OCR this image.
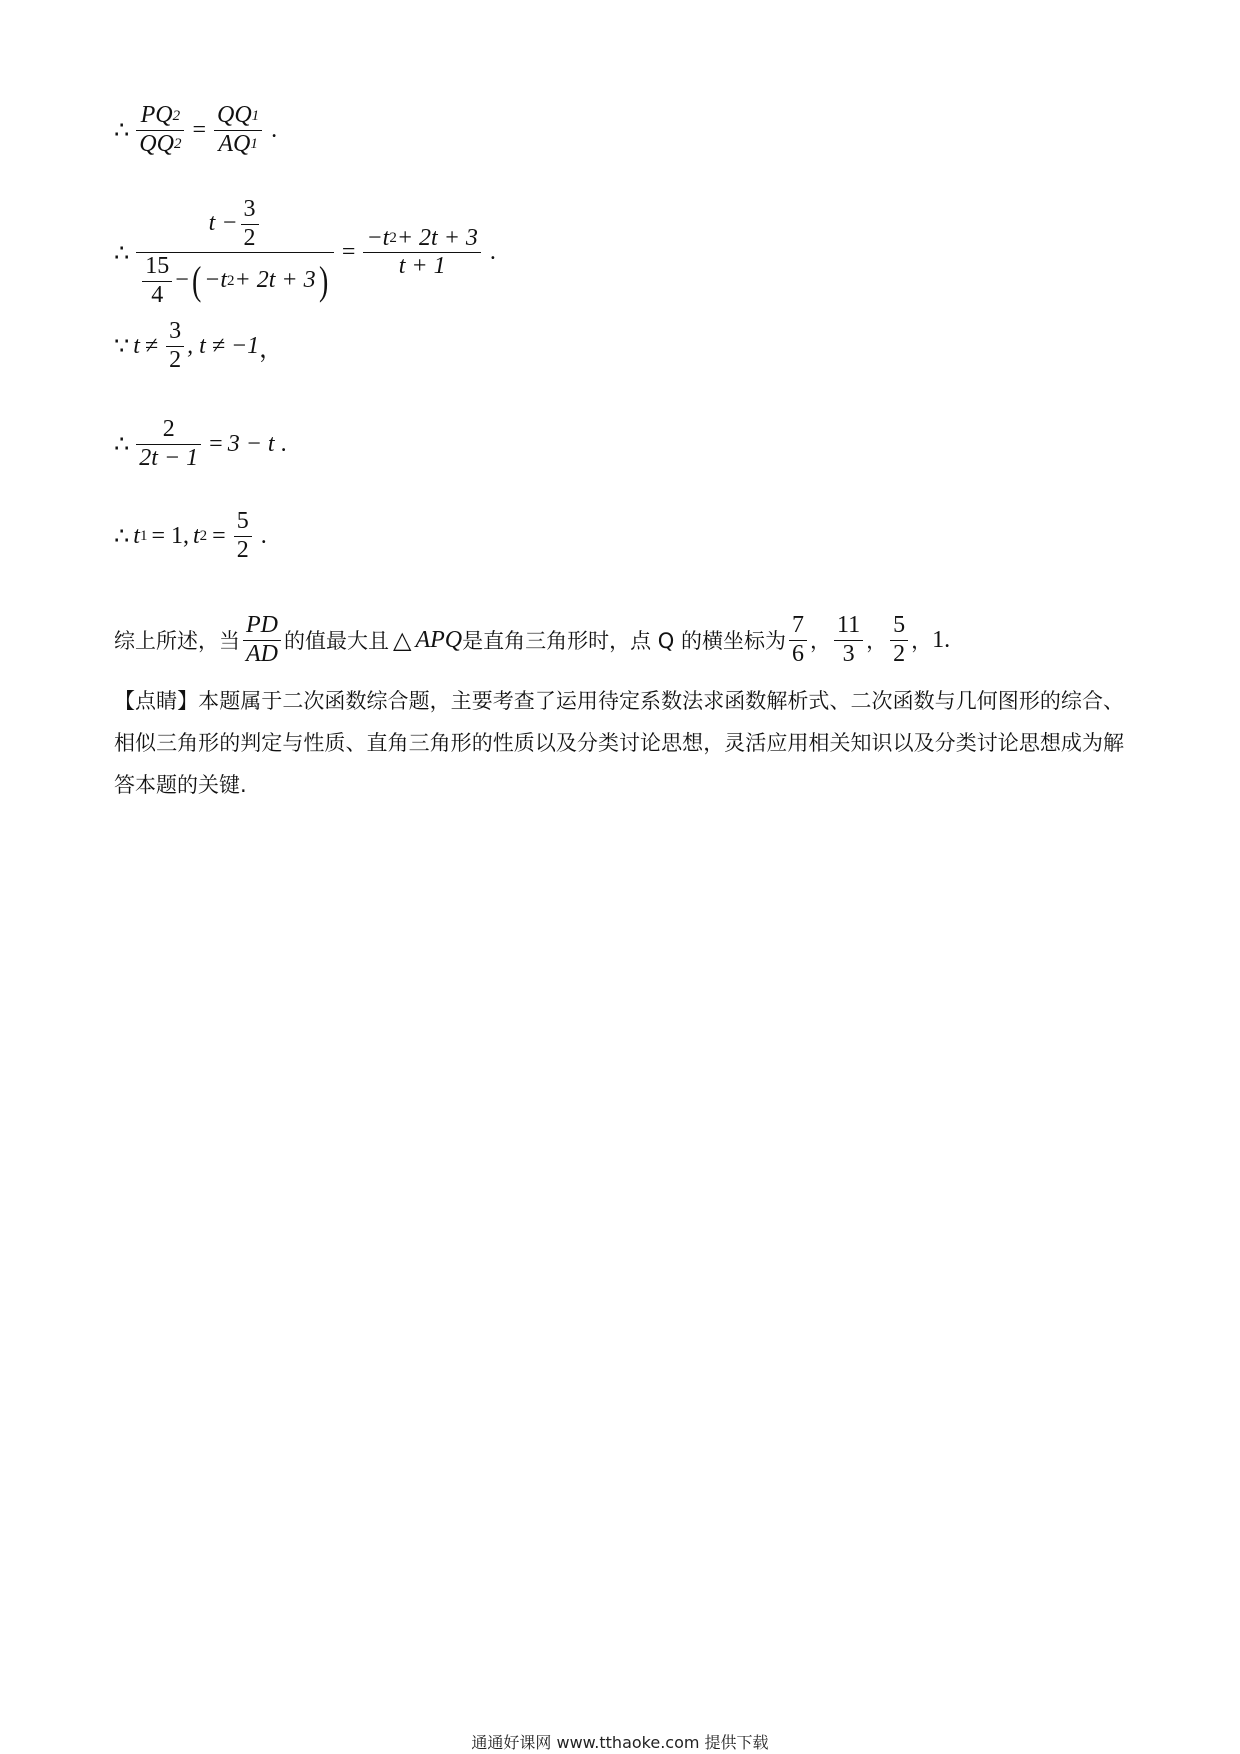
∴ $\frac{PQ 2}{QQ 2} = \frac{QQ 1}{AQ 1}$ .
∴
$t - \frac{3}{2}$
$\frac{15}{4}$ − ( −t 2 + 2t + 3 )
= $\frac{-t 2 + 2t + 3}{t + 1}$ .
∵ $t \ne \frac{3}{2}$ , t ≠ −1 ，
∴ $\frac{2}{2t - 1} = 3 - t$ .
∴ t 1 = 1, t $2 = \frac{5}{2}$ .
综上所述，当 $\frac{PD}{AD}$ 的值最大且 △ APQ 是直角三角形时，点 Q 的横坐标为 $\frac{7}{6}$ ， $\frac{11}{3}$ ， $\frac{5}{2}$ ， 1.
【点睛】本题属于二次函数综合题，主要考查了运用待定系数法求函数解析式、二次函数与几何图形的综合、相似三角形的判定与性质、直角三角形的性质以及分类讨论思想，灵活应用相关知识以及分类讨论思想成为解答本题的关键.
通通好课网 www.tthaoke.com 提供下载
